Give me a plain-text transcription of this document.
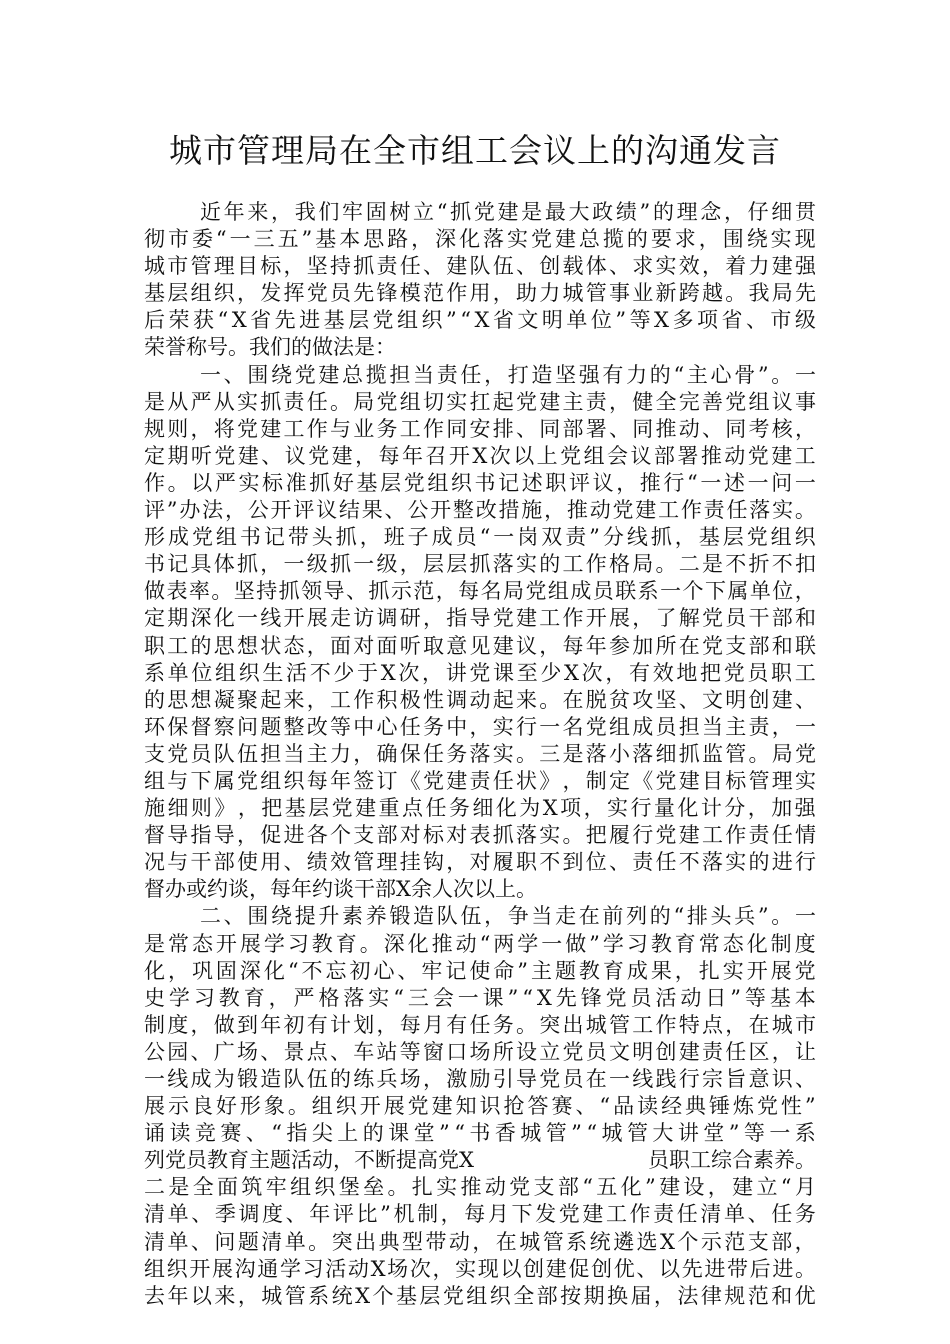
城市管理局在全市组工会议上的沟通发言
近 年 来 ， 我 们 牢 固 树 立 “ 抓 党 建 是 最 大 政 绩 ” 的 理 念 ， 仔 细 贯
彻 市 委 “ 一 三 五 ” 基 本 思 路 ， 深 化 落 实 党 建 总 揽 的 要 求 ， 围 绕 实 现
城 市 管 理 目 标 ， 坚 持 抓 责 任 、 建 队 伍 、 创 载 体 、 求 实 效 ， 着 力 建 强
基 层 组 织 ， 发 挥 党 员 先 锋 模 范 作 用 ， 助 力 城 管 事 业 新 跨 越 。 我 局 先
后 荣 获 “ X 省 先 进 基 层 党 组 织 ” “ X 省 文 明 单 位 ” 等 X 多 项 省 、 市 级
荣誉称号。我们的做法是：
一 、 围 绕 党 建 总 揽 担 当 责 任 ， 打 造 坚 强 有 力 的 “ 主 心 骨 ” 。 一
是 从 严 从 实 抓 责 任 。 局 党 组 切 实 扛 起 党 建 主 责 ， 健 全 完 善 党 组 议 事
规 则 ， 将 党 建 工 作 与 业 务 工 作 同 安 排 、 同 部 署 、 同 推 动 、 同 考 核 ，
定 期 听 党 建 、 议 党 建 ， 每 年 召 开 X 次 以 上 党 组 会 议 部 署 推 动 党 建 工
作 。 以 严 实 标 准 抓 好 基 层 党 组 织 书 记 述 职 评 议 ， 推 行 “ 一 述 一 问 一
评 ” 办 法 ， 公 开 评 议 结 果 、 公 开 整 改 措 施 ， 推 动 党 建 工 作 责 任 落 实 。
形 成 党 组 书 记 带 头 抓 ， 班 子 成 员 “ 一 岗 双 责 ” 分 线 抓 ， 基 层 党 组 织
书 记 具 体 抓 ， 一 级 抓 一 级 ， 层 层 抓 落 实 的 工 作 格 局 。 二 是 不 折 不 扣
做 表 率 。 坚 持 抓 领 导 、 抓 示 范 ， 每 名 局 党 组 成 员 联 系 一 个 下 属 单 位 ，
定 期 深 化 一 线 开 展 走 访 调 研 ， 指 导 党 建 工 作 开 展 ， 了 解 党 员 干 部 和
职 工 的 思 想 状 态 ， 面 对 面 听 取 意 见 建 议 ， 每 年 参 加 所 在 党 支 部 和 联
系 单 位 组 织 生 活 不 少 于 X 次 ， 讲 党 课 至 少 X 次 ， 有 效 地 把 党 员 职 工
的 思 想 凝 聚 起 来 ， 工 作 积 极 性 调 动 起 来 。 在 脱 贫 攻 坚 、 文 明 创 建 、
环 保 督 察 问 题 整 改 等 中 心 任 务 中 ， 实 行 一 名 党 组 成 员 担 当 主 责 ， 一
支 党 员 队 伍 担 当 主 力 ， 确 保 任 务 落 实 。 三 是 落 小 落 细 抓 监 管 。 局 党
组 与 下 属 党 组 织 每 年 签 订 《 党 建 责 任 状 》 ， 制 定 《 党 建 目 标 管 理 实
施 细 则 》 ， 把 基 层 党 建 重 点 任 务 细 化 为 X 项 ， 实 行 量 化 计 分 ， 加 强
督 导 指 导 ， 促 进 各 个 支 部 对 标 对 表 抓 落 实 。 把 履 行 党 建 工 作 责 任 情
况 与 干 部 使 用 、 绩 效 管 理 挂 钩 ， 对 履 职 不 到 位 、 责 任 不 落 实 的 进 行
督办或约谈，每年约谈干部X余人次以上。
二 、 围 绕 提 升 素 养 锻 造 队 伍 ， 争 当 走 在 前 列 的 “ 排 头 兵 ” 。 一
是 常 态 开 展 学 习 教 育 。 深 化 推 动 “ 两 学 一 做 ” 学 习 教 育 常 态 化 制 度
化 ， 巩 固 深 化 “ 不 忘 初 心 、 牢 记 使 命 ” 主 题 教 育 成 果 ， 扎 实 开 展 党
史 学 习 教 育 ， 严 格 落 实 “ 三 会 一 课 ” “ X 先 锋 党 员 活 动 日 ” 等 基 本
制 度 ， 做 到 年 初 有 计 划 ， 每 月 有 任 务 。 突 出 城 管 工 作 特 点 ， 在 城 市
公 园 、 广 场 、 景 点 、 车 站 等 窗 口 场 所 设 立 党 员 文 明 创 建 责 任 区 ， 让
一 线 成 为 锻 造 队 伍 的 练 兵 场 ， 激 励 引 导 党 员 在 一 线 践 行 宗 旨 意 识 、
展 示 良 好 形 象 。 组 织 开 展 党 建 知 识 抢 答 赛 、 “ 品 读 经 典 锤 炼 党 性 ”
诵 读 竞 赛 、 “ 指 尖 上 的 课 堂 ” “ 书 香 城 管 ” “ 城 管 大 讲 堂 ” 等 一 系
列党员教育主题活动，不断提高党X	员职工综合素养。
二 是 全 面 筑 牢 组 织 堡 垒 。 扎 实 推 动 党 支 部 “ 五 化 ” 建 设 ， 建 立 “ 月
清 单 、 季 调 度 、 年 评 比 ” 机 制 ， 每 月 下 发 党 建 工 作 责 任 清 单 、 任 务
清 单 、 问 题 清 单 。 突 出 典 型 带 动 ， 在 城 管 系 统 遴 选 X 个 示 范 支 部 ，
组 织 开 展 沟 通 学 习 活 动 X 场 次 ， 实 现 以 创 建 促 创 优 、 以 先 进 带 后 进 。
去 年 以 来 ， 城 管 系 统 X 个 基 层 党 组 织 全 部 按 期 换 届 ， 法 律 规 范 和 优
